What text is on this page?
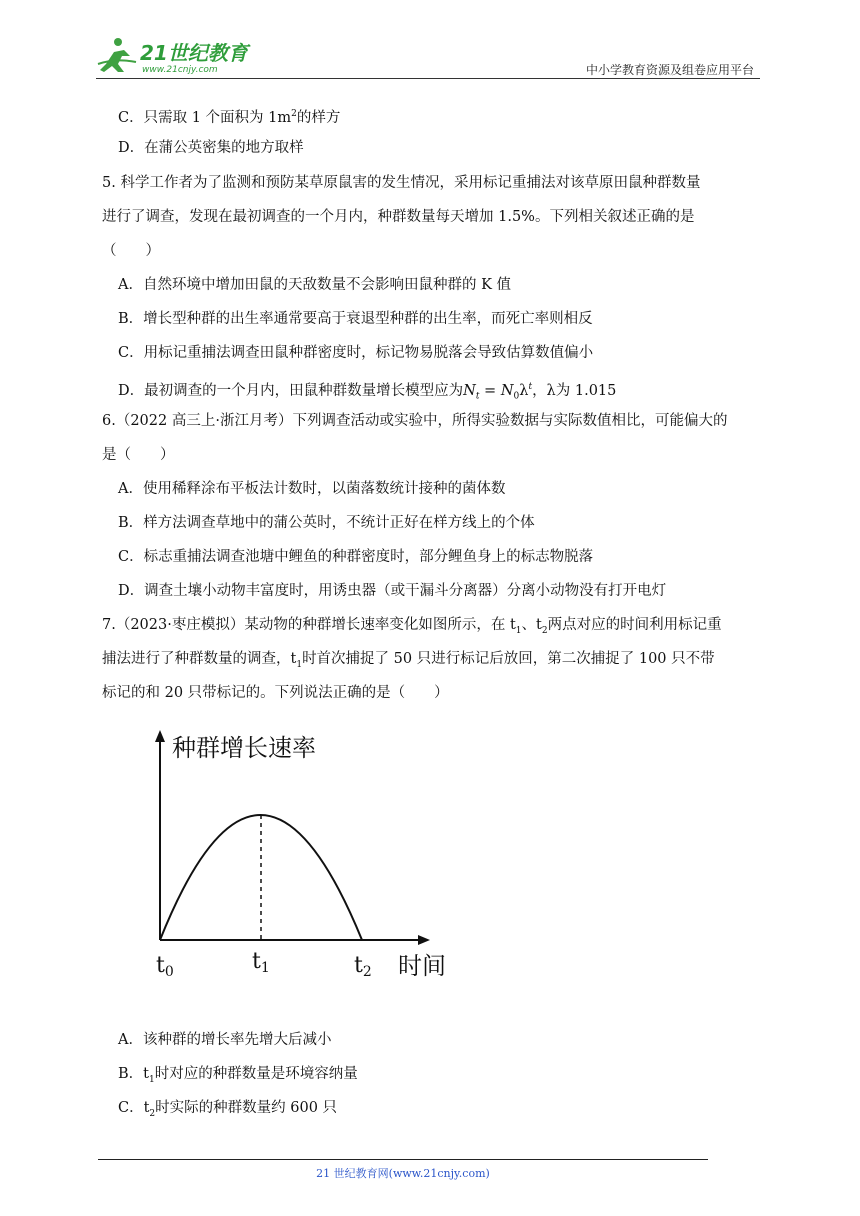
21世纪教育
www.21cnjy.com	中小学教育资源及组卷应用平台
C．只需取 1 个面积为 $1m^2$的样方
D．在蒲公英密集的地方取样
5. 科学工作者为了监测和预防某草原鼠害的发生情况，采用标记重捕法对该草原田鼠种群数量
进行了调查，发现在最初调查的一个月内，种群数量每天增加 1.5%。下列相关叙述正确的是
（　　）
A．自然环境中增加田鼠的天敌数量不会影响田鼠种群的 K 值
B．增长型种群的出生率通常要高于衰退型种群的出生率，而死亡率则相反
C．用标记重捕法调查田鼠种群密度时，标记物易脱落会导致估算数值偏小
D．最初调查的一个月内，田鼠种群数量增长模型应为$N_t = N_0\lambda^t$，λ为 1.015
6.（2022 高三上·浙江月考）下列调查活动或实验中，所得实验数据与实际数值相比，可能偏大的
是（　　）
A．使用稀释涂布平板法计数时，以菌落数统计接种的菌体数
B．样方法调查草地中的蒲公英时，不统计正好在样方线上的个体
C．标志重捕法调查池塘中鲤鱼的种群密度时，部分鲤鱼身上的标志物脱落
D．调查土壤小动物丰富度时，用诱虫器（或干漏斗分离器）分离小动物没有打开电灯
7.（2023·枣庄模拟）某动物的种群增长速率变化如图所示，在 $t_1$、$t_2$两点对应的时间利用标记重
捕法进行了种群数量的调查，$t_1$时首次捕捉了 50 只进行标记后放回，第二次捕捉了 100 只不带
标记的和 20 只带标记的。下列说法正确的是（　　）
种群增长速率
时间
t0	t1	t2
A．该种群的增长率先增大后减小
B．$t_1$时对应的种群数量是环境容纳量
C．$t_2$时实际的种群数量约 600 只
21 世纪教育网(www.21cnjy.com)
